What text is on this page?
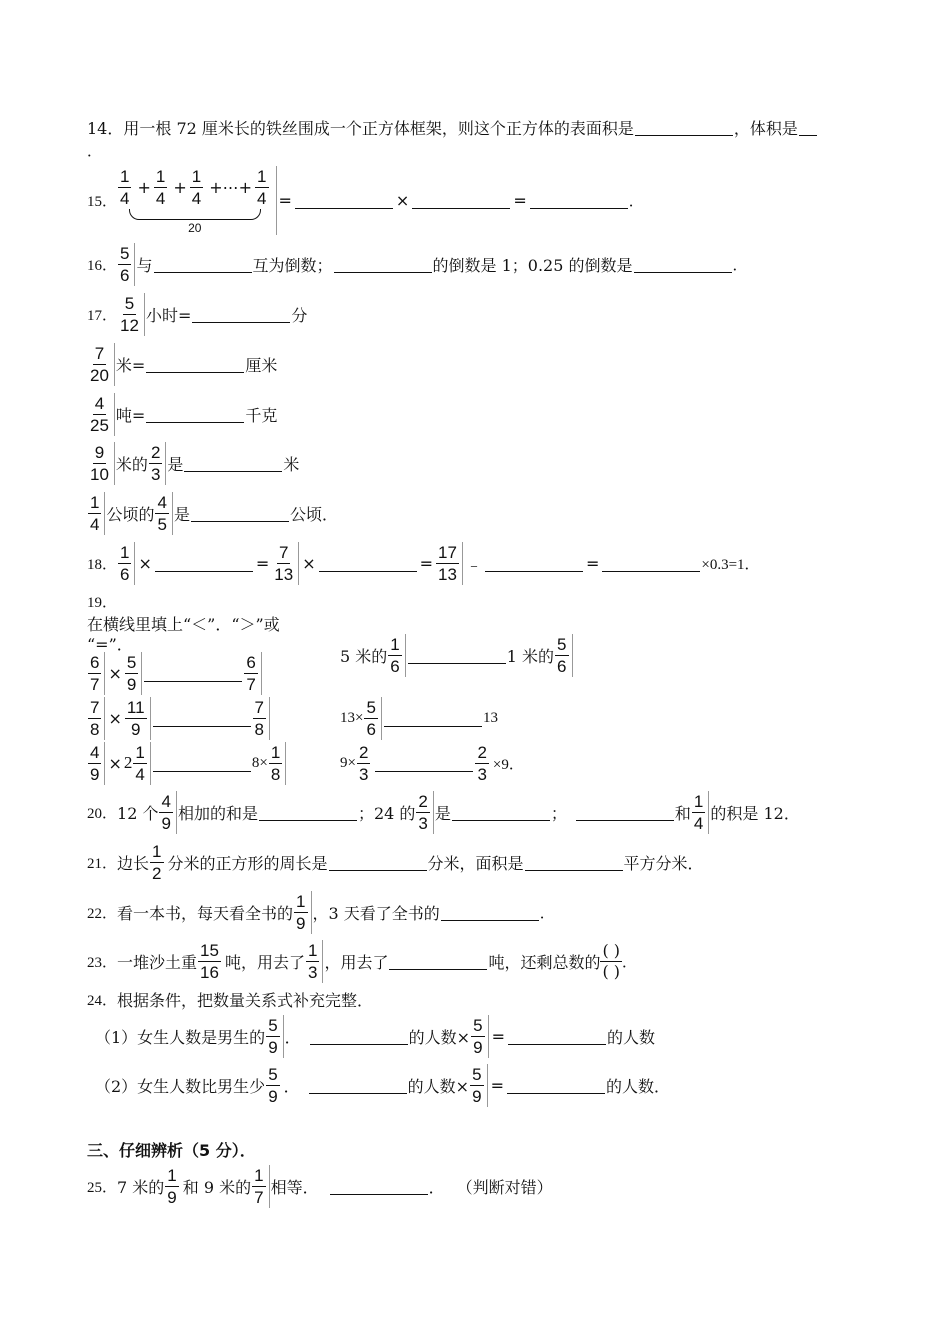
14．用一根 72 厘米长的铁丝围成一个正方体框架，则这个正方体的表面积是	，体积是
．
15． $\frac{1}{4} + \frac{1}{4} + \frac{1}{4}$ +⋯+ $\frac{1}{4}$
20
=	×	=	．
16． $\frac{5}{6}$ 与	互为倒数；	的倒数是 1；0.25 的倒数是	．
17． $\frac{5}{12}$ 小时=	分
$\frac{7}{20}$ 米=	厘米
$\frac{4}{25}$ 吨=	千克
$\frac{9}{10}$ 米的 $\frac{2}{3}$ 是	米
$\frac{1}{4}$ 公顷的 $\frac{4}{5}$ 是	公顷．
18． $\frac{1}{6}$ ×	= $\frac{7}{13}$ ×	= $\frac{17}{13}$ ﹣	=	×0.3=1．
19．
在横线里填上“＜”．“＞”或
“=”．
$\frac{6}{7} \times \frac{5}{9}$	$\frac{6}{7}$
$\frac{7}{8} \times \frac{11}{9}$	$\frac{7}{8}$
$\frac{4}{9} \times 2 \frac{1}{4}$	$8\times \frac{1}{8}$
5 米的 $\frac{1}{6}$	1 米的 $\frac{5}{6}$
$13\times \frac{5}{6}$	13
$9\times \frac{2}{3}$	$\frac{2}{3} \times 9$．
20． 12 个 $\frac{4}{9}$ 相加的和是	；24 的 $\frac{2}{3}$ 是	；	和 $\frac{1}{4}$ 的积是 12．
21． 边长 $\frac{1}{2}$ 分米的正方形的周长是	分米，面积是	平方分米．
22． 看一本书，每天看全书的 $\frac{1}{9}$ ，3 天看了全书的	．
23． 一堆沙土重 $\frac{15}{16}$ 吨，用去了 $\frac{1}{3}$ ，用去了	吨，还剩总数的
( )
( ) ．
24． 根据条件，把数量关系式补充完整．
（1）女生人数是男生的 $\frac{5}{9}$ ．	的人数× $\frac{5}{9}$ =	的人数
（2）女生人数比男生少 $\frac{5}{9}$ ．	的人数× $\frac{5}{9}$ =	的人数．
三、仔细辨析（5 分）．
25． 7 米的 $\frac{1}{9}$ 和 9 米的 $\frac{1}{7}$ 相等．	． （判断对错）
